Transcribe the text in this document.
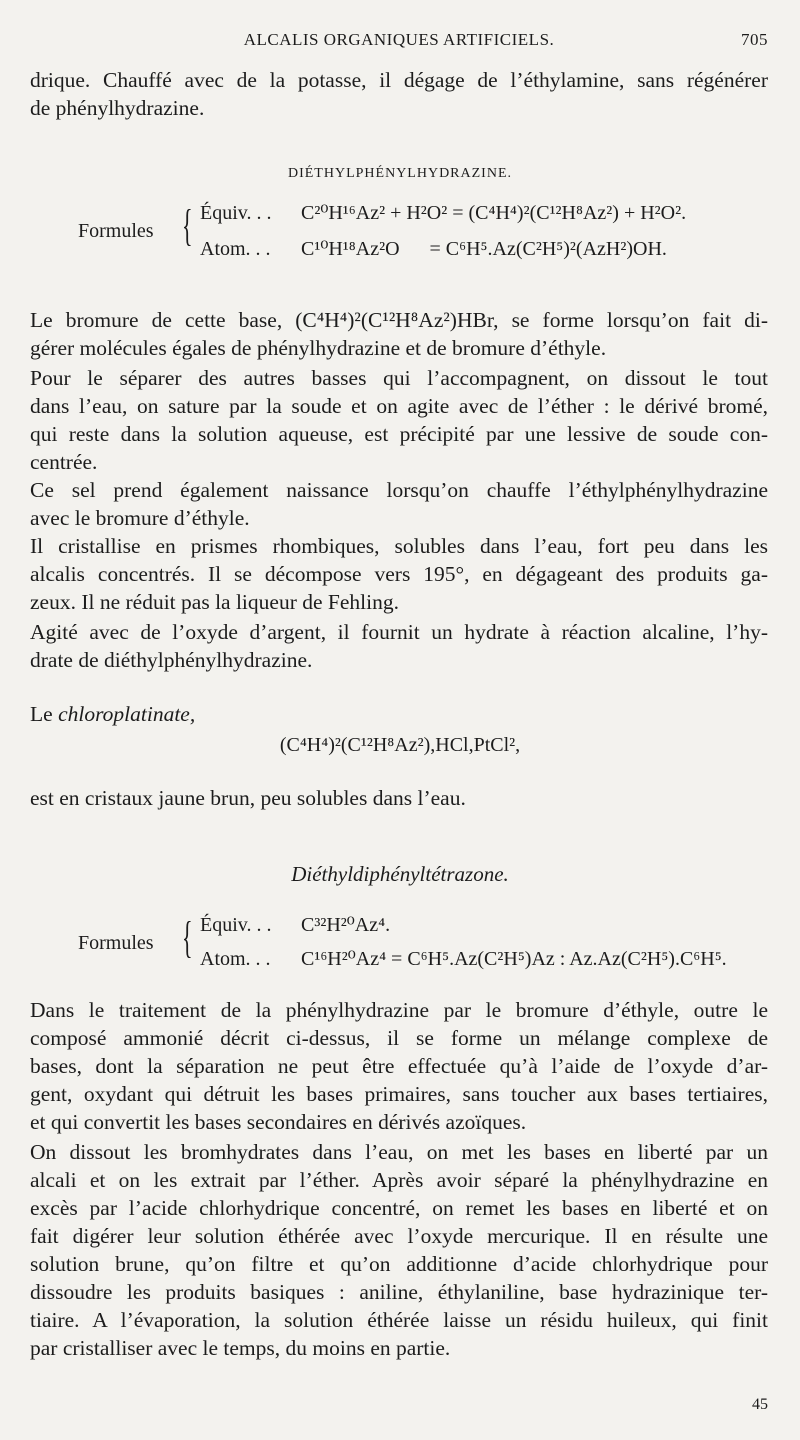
ALCALIS ORGANIQUES ARTIFICIELS.	705
drique. Chauffé avec de la potasse, il dégage de l’éthylamine, sans régénérer
de phénylhydrazine.
DIÉTHYLPHÉNYLHYDRAZINE.
Formules { Équiv. . . C²⁰H¹⁶Az² + H²O² = (C⁴H⁴)²(C¹²H⁸Az²) + H²O².
Atom. . . C¹⁰H¹⁸Az²O      = C⁶H⁵.Az(C²H⁵)²(AzH²)OH.
Le bromure de cette base, (C⁴H⁴)²(C¹²H⁸Az²)HBr, se forme lorsqu’on fait di-
gérer molécules égales de phénylhydrazine et de bromure d’éthyle.
Pour le séparer des autres basses qui l’accompagnent, on dissout le tout
dans l’eau, on sature par la soude et on agite avec de l’éther : le dérivé bromé,
qui reste dans la solution aqueuse, est précipité par une lessive de soude con-
centrée.
Ce sel prend également naissance lorsqu’on chauffe l’éthylphénylhydrazine
avec le bromure d’éthyle.
Il cristallise en prismes rhombiques, solubles dans l’eau, fort peu dans les
alcalis concentrés. Il se décompose vers 195°, en dégageant des produits ga-
zeux. Il ne réduit pas la liqueur de Fehling.
Agité avec de l’oxyde d’argent, il fournit un hydrate à réaction alcaline, l’hy-
drate de diéthylphénylhydrazine.
Le chloroplatinate,
(C⁴H⁴)²(C¹²H⁸Az²),HCl,PtCl²,
est en cristaux jaune brun, peu solubles dans l’eau.
Diéthyldiphényltétrazone.
Formules { Équiv. . . C³²H²⁰Az⁴.
Atom. . . C¹⁶H²⁰Az⁴ = C⁶H⁵.Az(C²H⁵)Az : Az.Az(C²H⁵).C⁶H⁵.
Dans le traitement de la phénylhydrazine par le bromure d’éthyle, outre le
composé ammonié décrit ci-dessus, il se forme un mélange complexe de
bases, dont la séparation ne peut être effectuée qu’à l’aide de l’oxyde d’ar-
gent, oxydant qui détruit les bases primaires, sans toucher aux bases tertiaires,
et qui convertit les bases secondaires en dérivés azoïques.
On dissout les bromhydrates dans l’eau, on met les bases en liberté par un
alcali et on les extrait par l’éther. Après avoir séparé la phénylhydrazine en
excès par l’acide chlorhydrique concentré, on remet les bases en liberté et on
fait digérer leur solution éthérée avec l’oxyde mercurique. Il en résulte une
solution brune, qu’on filtre et qu’on additionne d’acide chlorhydrique pour
dissoudre les produits basiques : aniline, éthylaniline, base hydrazinique ter-
tiaire. A l’évaporation, la solution éthérée laisse un résidu huileux, qui finit
par cristalliser avec le temps, du moins en partie.
45
